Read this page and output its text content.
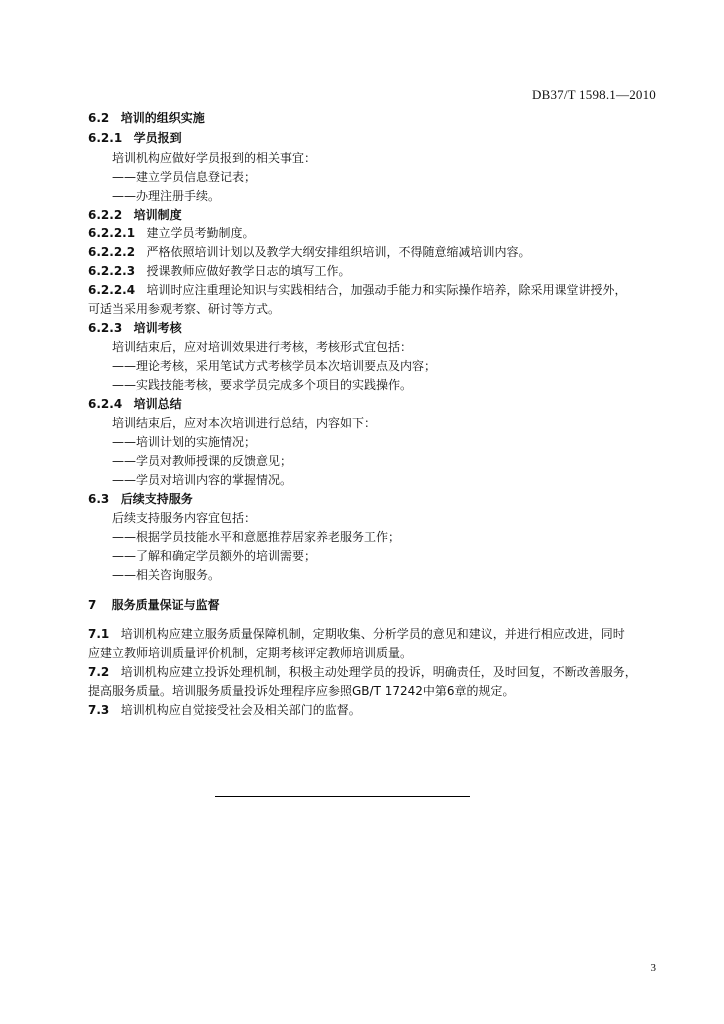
DB37/T 1598.1—2010
6.2 培训的组织实施
6.2.1 学员报到
培训机构应做好学员报到的相关事宜：
——建立学员信息登记表；
——办理注册手续。
6.2.2 培训制度
6.2.2.1 建立学员考勤制度。
6.2.2.2 严格依照培训计划以及教学大纲安排组织培训，不得随意缩减培训内容。
6.2.2.3 授课教师应做好教学日志的填写工作。
6.2.2.4 培训时应注重理论知识与实践相结合，加强动手能力和实际操作培养，除采用课堂讲授外，
可适当采用参观考察、研讨等方式。
6.2.3 培训考核
培训结束后，应对培训效果进行考核，考核形式宜包括：
——理论考核，采用笔试方式考核学员本次培训要点及内容；
——实践技能考核，要求学员完成多个项目的实践操作。
6.2.4 培训总结
培训结束后，应对本次培训进行总结，内容如下：
——培训计划的实施情况；
——学员对教师授课的反馈意见；
——学员对培训内容的掌握情况。
6.3 后续支持服务
后续支持服务内容宜包括：
——根据学员技能水平和意愿推荐居家养老服务工作；
——了解和确定学员额外的培训需要；
——相关咨询服务。
7 服务质量保证与监督
7.1 培训机构应建立服务质量保障机制，定期收集、分析学员的意见和建议，并进行相应改进，同时
应建立教师培训质量评价机制，定期考核评定教师培训质量。
7.2 培训机构应建立投诉处理机制，积极主动处理学员的投诉，明确责任，及时回复，不断改善服务，
提高服务质量。培训服务质量投诉处理程序应参照GB/T 17242中第6章的规定。
7.3 培训机构应自觉接受社会及相关部门的监督。
3
